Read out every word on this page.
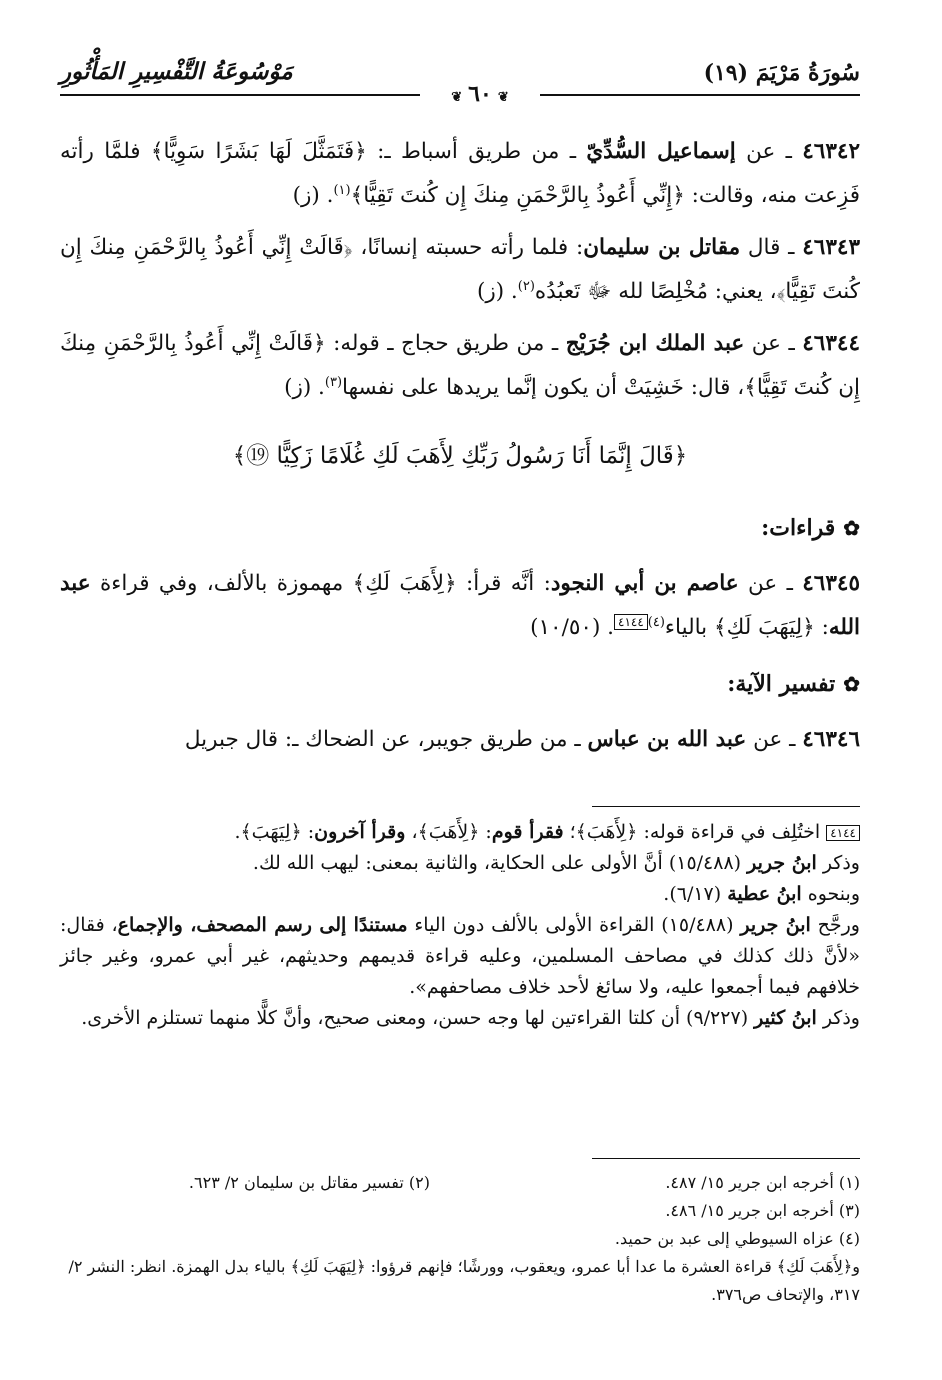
سُورَةُ مَرْيَمَ (١٩)
مَوْسُوعَةُ التَّفْسِيرِ المَأْثُورِ
❦ ٦٠ ❦
٤٦٣٤٢ ـ عن إسماعيل السُّدِّيّ ـ من طريق أسباط ـ: ﴿فَتَمَثَّلَ لَهَا بَشَرًا سَوِيًّا﴾ فلمَّا رأته فَزِعت منه، وقالت: ﴿إِنِّي أَعُوذُ بِالرَّحْمَنِ مِنكَ إِن كُنتَ تَقِيًّا﴾$^{(١)}$. (ز)
٤٦٣٤٣ ـ قال مقاتل بن سليمان: فلما رأته حسبته إنسانًا، ﴿قَالَتْ إِنِّي أَعُوذُ بِالرَّحْمَنِ مِنكَ إِن كُنتَ تَقِيًّا﴾، يعني: مُخْلِصًا لله ﷻ تَعبُدُه$^{(٢)}$. (ز)
٤٦٣٤٤ ـ عن عبد الملك ابن جُرَيْج ـ من طريق حجاج ـ قوله: ﴿قَالَتْ إِنِّي أَعُوذُ بِالرَّحْمَنِ مِنكَ إِن كُنتَ تَقِيًّا﴾، قال: خَشِيَتْ أن يكون إنَّما يريدها على نفسها$^{(٣)}$. (ز)
﴿قَالَ إِنَّمَا أَنَا رَسُولُ رَبِّكِ لِأَهَبَ لَكِ غُلَامًا زَكِيًّا ⑲﴾
✿قراءات:
٤٦٣٤٥ ـ عن عاصم بن أبي النجود: أنَّه قرأ: ﴿لِأَهَبَ لَكِ﴾ مهموزة بالألف، وفي قراءة عبد الله: ﴿لِيَهَبَ لَكِ﴾ بالياء$^{(٤)}$٤١٤٤. (١٠/٥٠)
✿تفسير الآية:
٤٦٣٤٦ ـ عن عبد الله بن عباس ـ من طريق جويبر، عن الضحاك ـ: قال جبريل

٤١٤٤اختُلِف في قراءة قوله: ﴿لِأَهَبَ﴾؛ فقرأ قوم: ﴿لِأَهَبَ﴾، وقرأ آخرون: ﴿لِيَهَبَ﴾.

وذكر ابنُ جرير (١٥/٤٨٨) أنَّ الأولى على الحكاية، والثانية بمعنى: ليهب الله لك.

وبنحوه ابنُ عطية (٦/١٧).

ورجَّح ابنُ جرير (١٥/٤٨٨) القراءة الأولى بالألف دون الياء مستندًا إلى رسم المصحف، والإجماع، فقال: «لأنَّ ذلك كذلك في مصاحف المسلمين، وعليه قراءة قديمهم وحديثهم، غير أبي عمرو، وغير جائز خلافهم فيما أجمعوا عليه، ولا سائغ لأحد خلاف مصاحفهم».

وذكر ابنُ كثير (٩/٢٢٧) أن كلتا القراءتين لها وجه حسن، ومعنى صحيح، وأنَّ كلًّا منهما تستلزم الأخرى.

(١) أخرجه ابن جرير ١٥/ ٤٨٧.
(٢) تفسير مقاتل بن سليمان ٢/ ٦٢٣.

(٣) أخرجه ابن جرير ١٥/ ٤٨٦.

(٤) عزاه السيوطي إلى عبد بن حميد.

و﴿لِأَهَبَ لَكِ﴾ قراءة العشرة ما عدا أبا عمرو، ويعقوب، وورشًا؛ فإنهم قرؤوا: ﴿لِيَهَبَ لَكِ﴾ بالياء بدل الهمزة. انظر: النشر ٢/ ٣١٧، والإتحاف ص٣٧٦.
